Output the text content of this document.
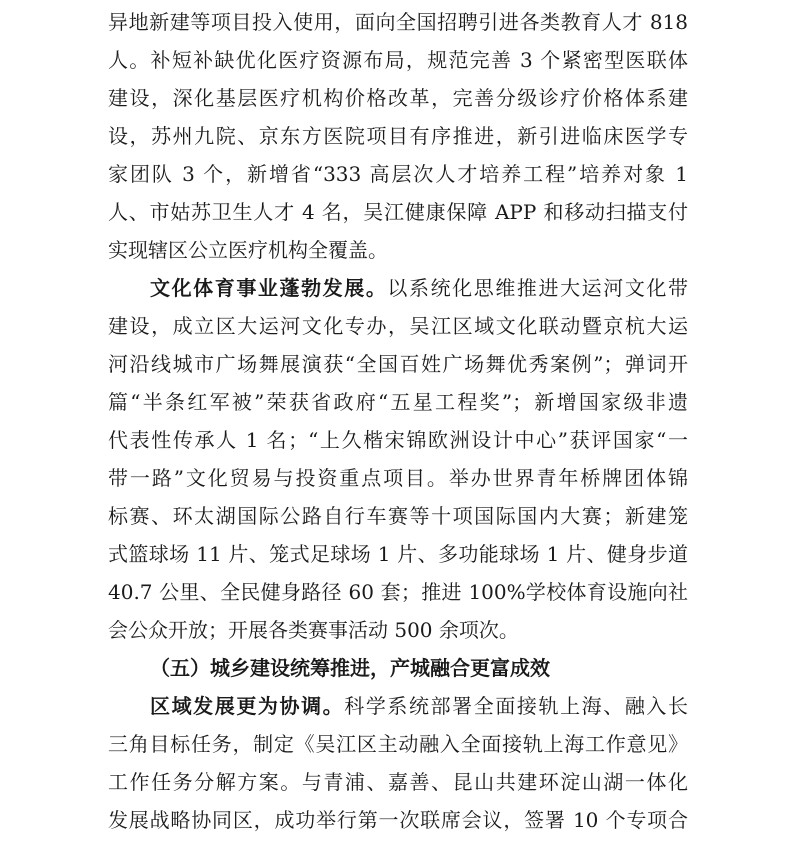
异地新建等项目投入使用，面向全国招聘引进各类教育人才 818
人。补短补缺优化医疗资源布局，规范完善 3 个紧密型医联体
建设，深化基层医疗机构价格改革，完善分级诊疗价格体系建
设，苏州九院、京东方医院项目有序推进，新引进临床医学专
家团队 3 个，新增省“333 高层次人才培养工程”培养对象 1
人、市姑苏卫生人才 4 名，吴江健康保障 APP 和移动扫描支付
实现辖区公立医疗机构全覆盖。
文化体育事业蓬勃发展。以系统化思维推进大运河文化带
建设，成立区大运河文化专办，吴江区域文化联动暨京杭大运
河沿线城市广场舞展演获“全国百姓广场舞优秀案例”；弹词开
篇“半条红军被”荣获省政府“五星工程奖”；新增国家级非遗
代表性传承人 1 名；“上久楷宋锦欧洲设计中心”获评国家“一
带一路”文化贸易与投资重点项目。举办世界青年桥牌团体锦
标赛、环太湖国际公路自行车赛等十项国际国内大赛；新建笼
式篮球场 11 片、笼式足球场 1 片、多功能球场 1 片、健身步道
40.7 公里、全民健身路径 60 套；推进 100%学校体育设施向社
会公众开放；开展各类赛事活动 500 余项次。
（五）城乡建设统筹推进，产城融合更富成效
区域发展更为协调。科学系统部署全面接轨上海、融入长
三角目标任务，制定《吴江区主动融入全面接轨上海工作意见》
工作任务分解方案。与青浦、嘉善、昆山共建环淀山湖一体化
发展战略协同区，成功举行第一次联席会议，签署 10 个专项合
